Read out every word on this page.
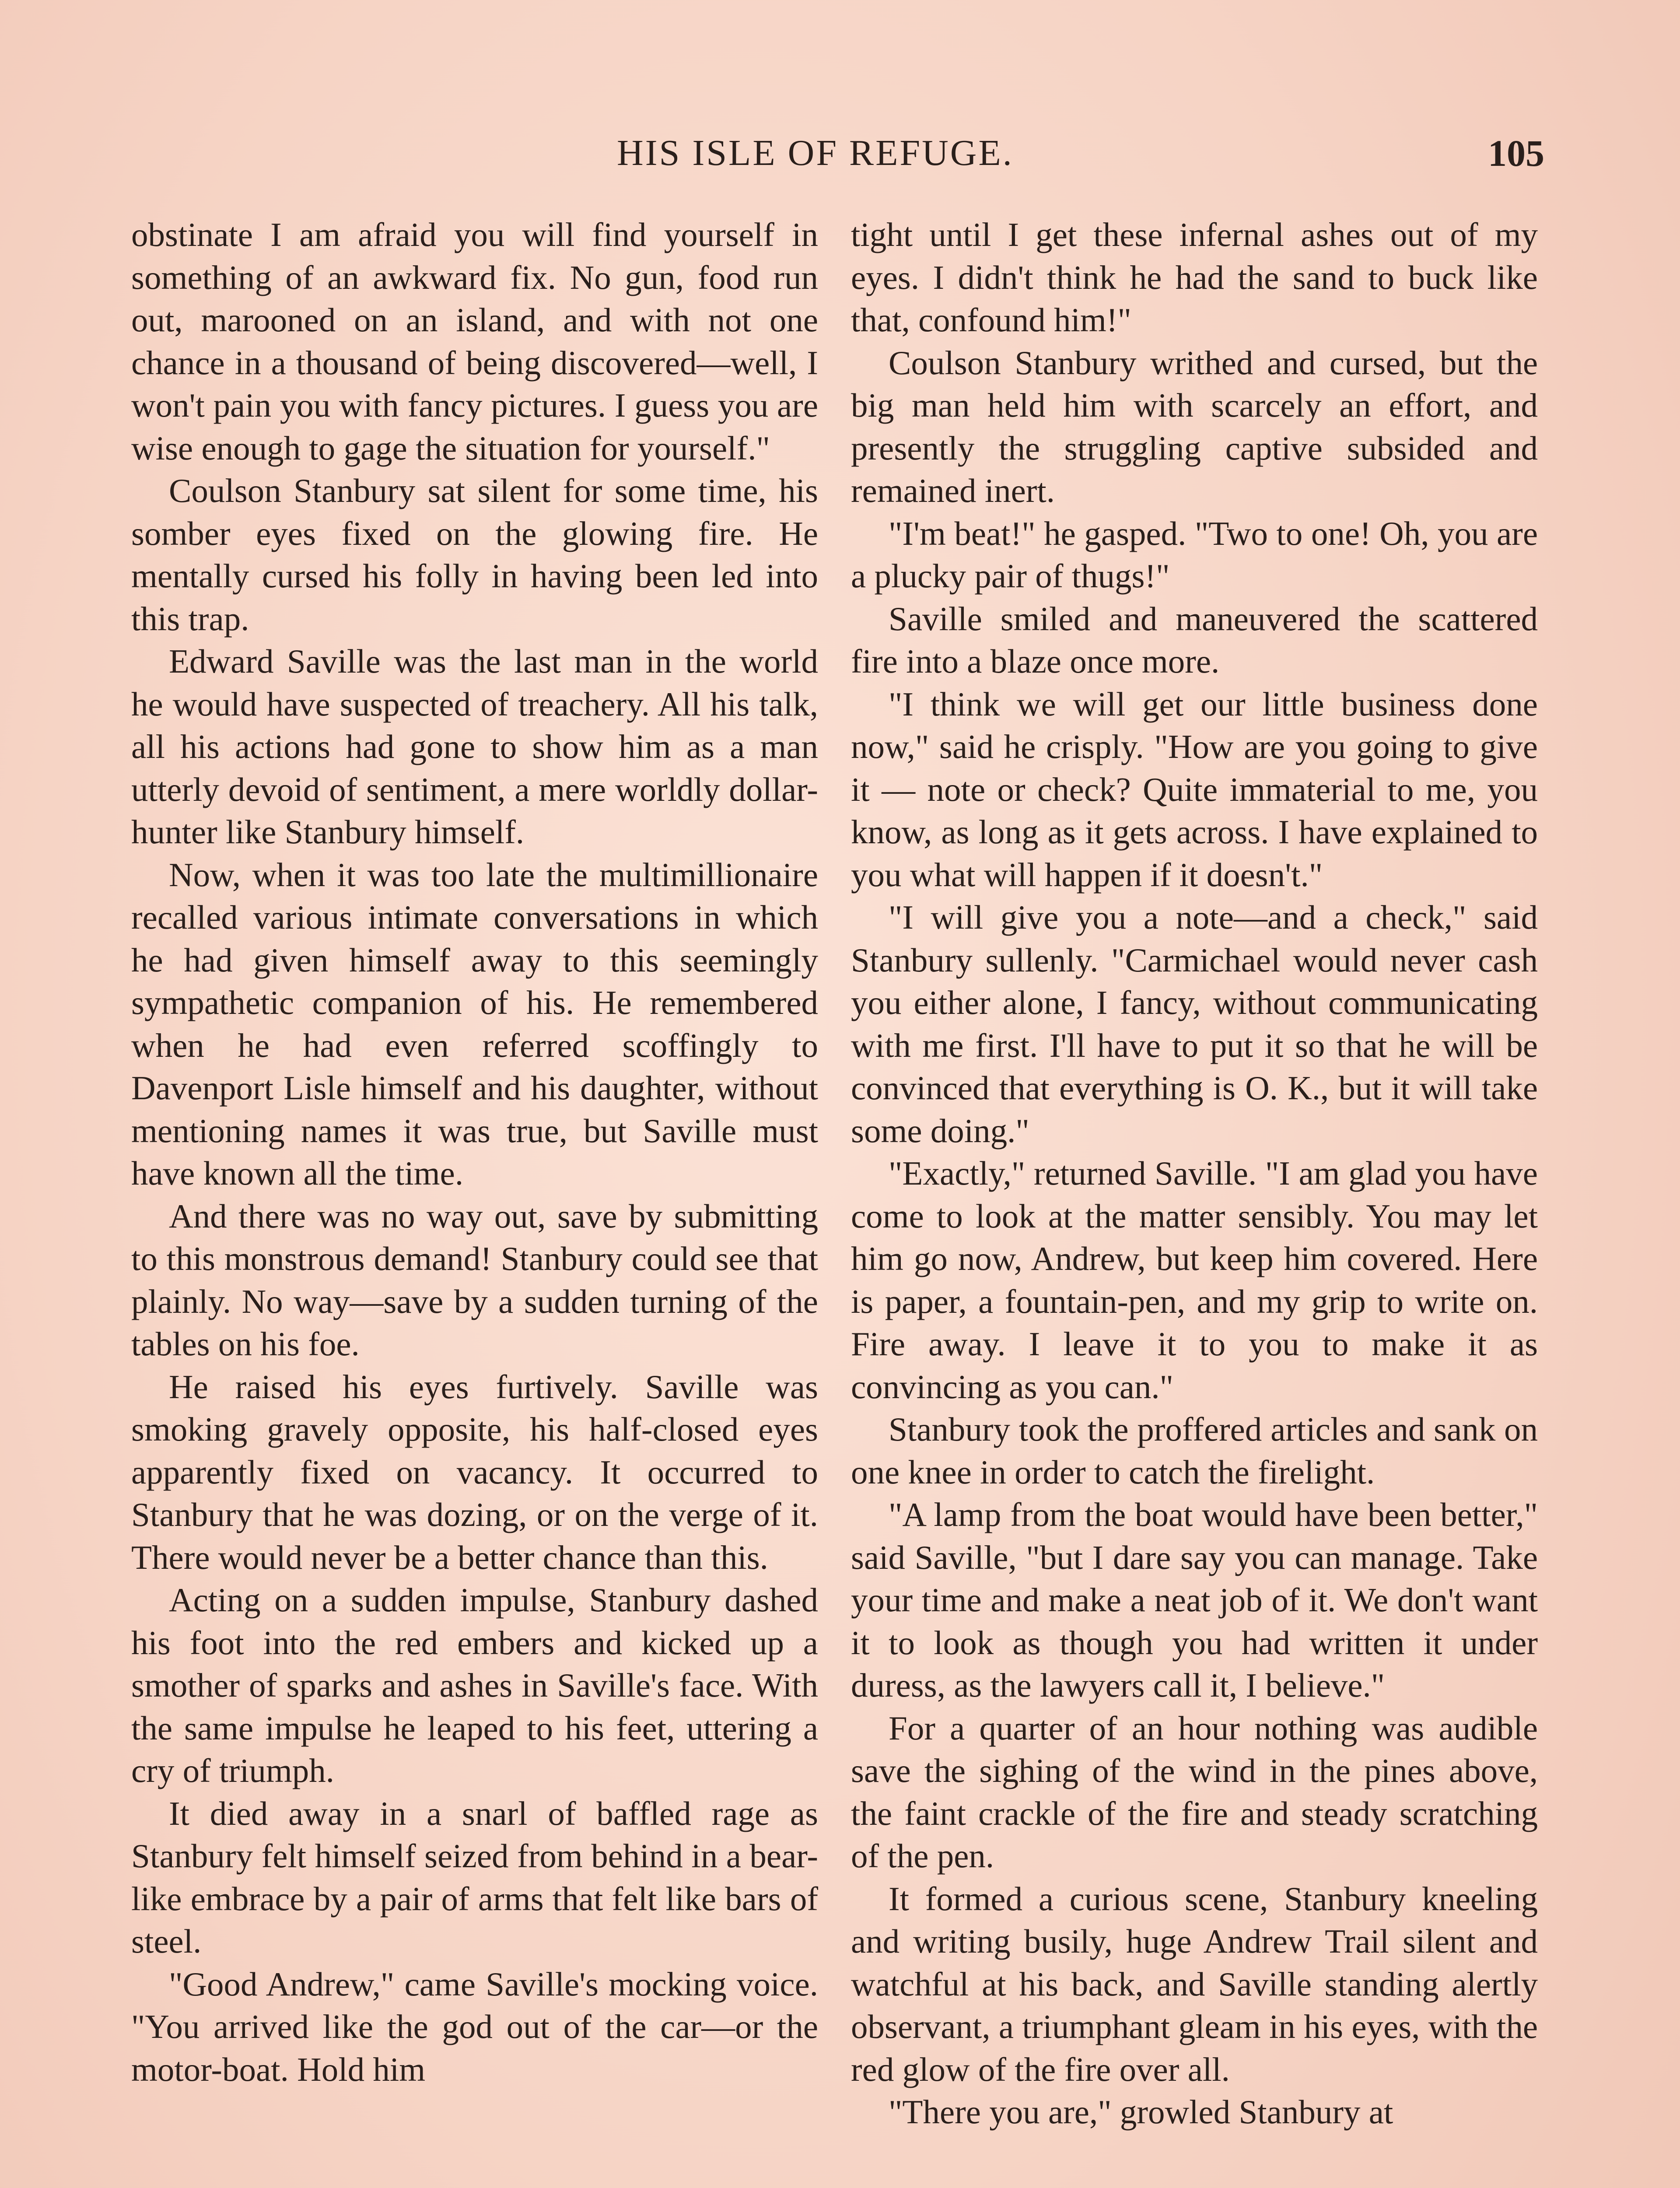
HIS ISLE OF REFUGE.	105

obstinate I am afraid you will find yourself in something of an awkward fix. No gun, food run out, marooned on an island, and with not one chance in a thousand of being discovered—well, I won't pain you with fancy pictures. I guess you are wise enough to gage the situation for yourself."

Coulson Stanbury sat silent for some time, his somber eyes fixed on the glowing fire. He mentally cursed his folly in having been led into this trap.

Edward Saville was the last man in the world he would have suspected of treachery. All his talk, all his actions had gone to show him as a man utterly devoid of sentiment, a mere worldly dollar-hunter like Stanbury himself.

Now, when it was too late the multimillionaire recalled various intimate conversations in which he had given himself away to this seemingly sympathetic companion of his. He remembered when he had even referred scoffingly to Davenport Lisle himself and his daughter, without mentioning names it was true, but Saville must have known all the time.

And there was no way out, save by submitting to this monstrous demand! Stanbury could see that plainly. No way—save by a sudden turning of the tables on his foe.

He raised his eyes furtively. Saville was smoking gravely opposite, his half-closed eyes apparently fixed on vacancy. It occurred to Stanbury that he was dozing, or on the verge of it. There would never be a better chance than this.

Acting on a sudden impulse, Stanbury dashed his foot into the red embers and kicked up a smother of sparks and ashes in Saville's face. With the same impulse he leaped to his feet, uttering a cry of triumph.

It died away in a snarl of baffled rage as Stanbury felt himself seized from behind in a bear-like embrace by a pair of arms that felt like bars of steel.

"Good Andrew," came Saville's mocking voice. "You arrived like the god out of the car—or the motor-boat. Hold him

tight until I get these infernal ashes out of my eyes. I didn't think he had the sand to buck like that, confound him!"

Coulson Stanbury writhed and cursed, but the big man held him with scarcely an effort, and presently the struggling captive subsided and remained inert.

"I'm beat!" he gasped. "Two to one! Oh, you are a plucky pair of thugs!"

Saville smiled and maneuvered the scattered fire into a blaze once more.

"I think we will get our little business done now," said he crisply. "How are you going to give it — note or check? Quite immaterial to me, you know, as long as it gets across. I have explained to you what will happen if it doesn't."

"I will give you a note—and a check," said Stanbury sullenly. "Carmichael would never cash you either alone, I fancy, without communicating with me first. I'll have to put it so that he will be convinced that everything is O. K., but it will take some doing."

"Exactly," returned Saville. "I am glad you have come to look at the matter sensibly. You may let him go now, Andrew, but keep him covered. Here is paper, a fountain-pen, and my grip to write on. Fire away. I leave it to you to make it as convincing as you can."

Stanbury took the proffered articles and sank on one knee in order to catch the firelight.

"A lamp from the boat would have been better," said Saville, "but I dare say you can manage. Take your time and make a neat job of it. We don't want it to look as though you had written it under duress, as the lawyers call it, I believe."

For a quarter of an hour nothing was audible save the sighing of the wind in the pines above, the faint crackle of the fire and steady scratching of the pen.

It formed a curious scene, Stanbury kneeling and writing busily, huge Andrew Trail silent and watchful at his back, and Saville standing alertly observant, a triumphant gleam in his eyes, with the red glow of the fire over all.

"There you are," growled Stanbury at
